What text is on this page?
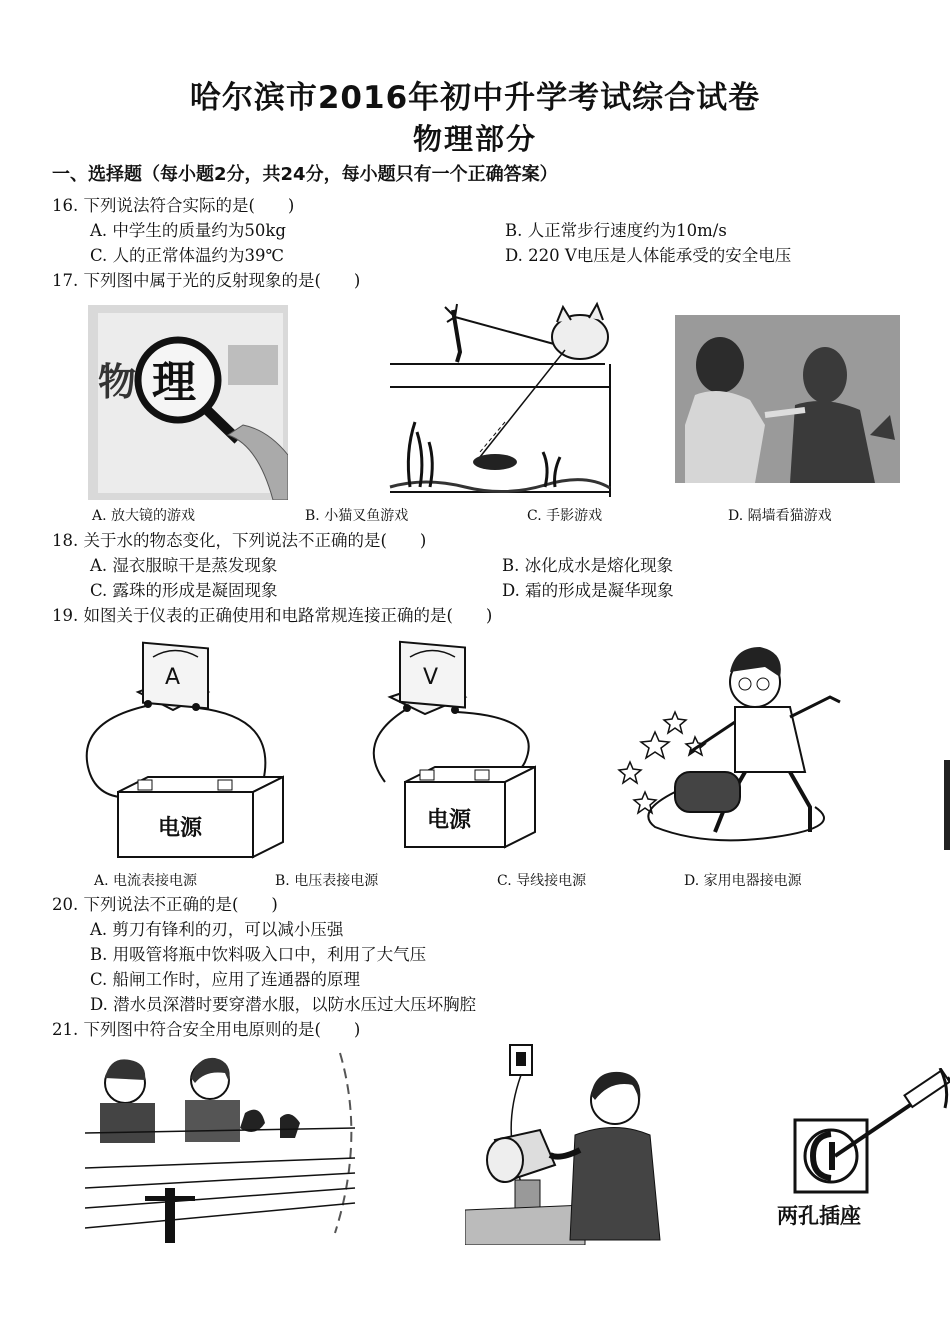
哈尔滨市2016年初中升学考试综合试卷
物理部分
一、选择题（每小题2分，共24分，每小题只有一个正确答案）
16. 下列说法符合实际的是(　　)
A. 中学生的质量约为50kg	B. 人正常步行速度约为10m/s
C. 人的正常体温约为39℃	D. 220 V电压是人体能承受的安全电压
17. 下列图中属于光的反射现象的是(　　)
物 理
A. 放大镜的游戏	B. 小猫叉鱼游戏	C. 手影游戏	D. 隔墙看猫游戏
18. 关于水的物态变化，下列说法不正确的是(　　)
A. 湿衣服晾干是蒸发现象	B. 冰化成水是熔化现象
C. 露珠的形成是凝固现象	D. 霜的形成是凝华现象
19. 如图关于仪表的正确使用和电路常规连接正确的是(　　)
A
电源
V
电源
A. 电流表接电源	B. 电压表接电源	C. 导线接电源	D. 家用电器接电源
20. 下列说法不正确的是(　　)
A. 剪刀有锋利的刃，可以减小压强
B. 用吸管将瓶中饮料吸入口中，利用了大气压
C. 船闸工作时，应用了连通器的原理
D. 潜水员深潜时要穿潜水服，以防水压过大压坏胸腔
21. 下列图中符合安全用电原则的是(　　)
两孔插座
